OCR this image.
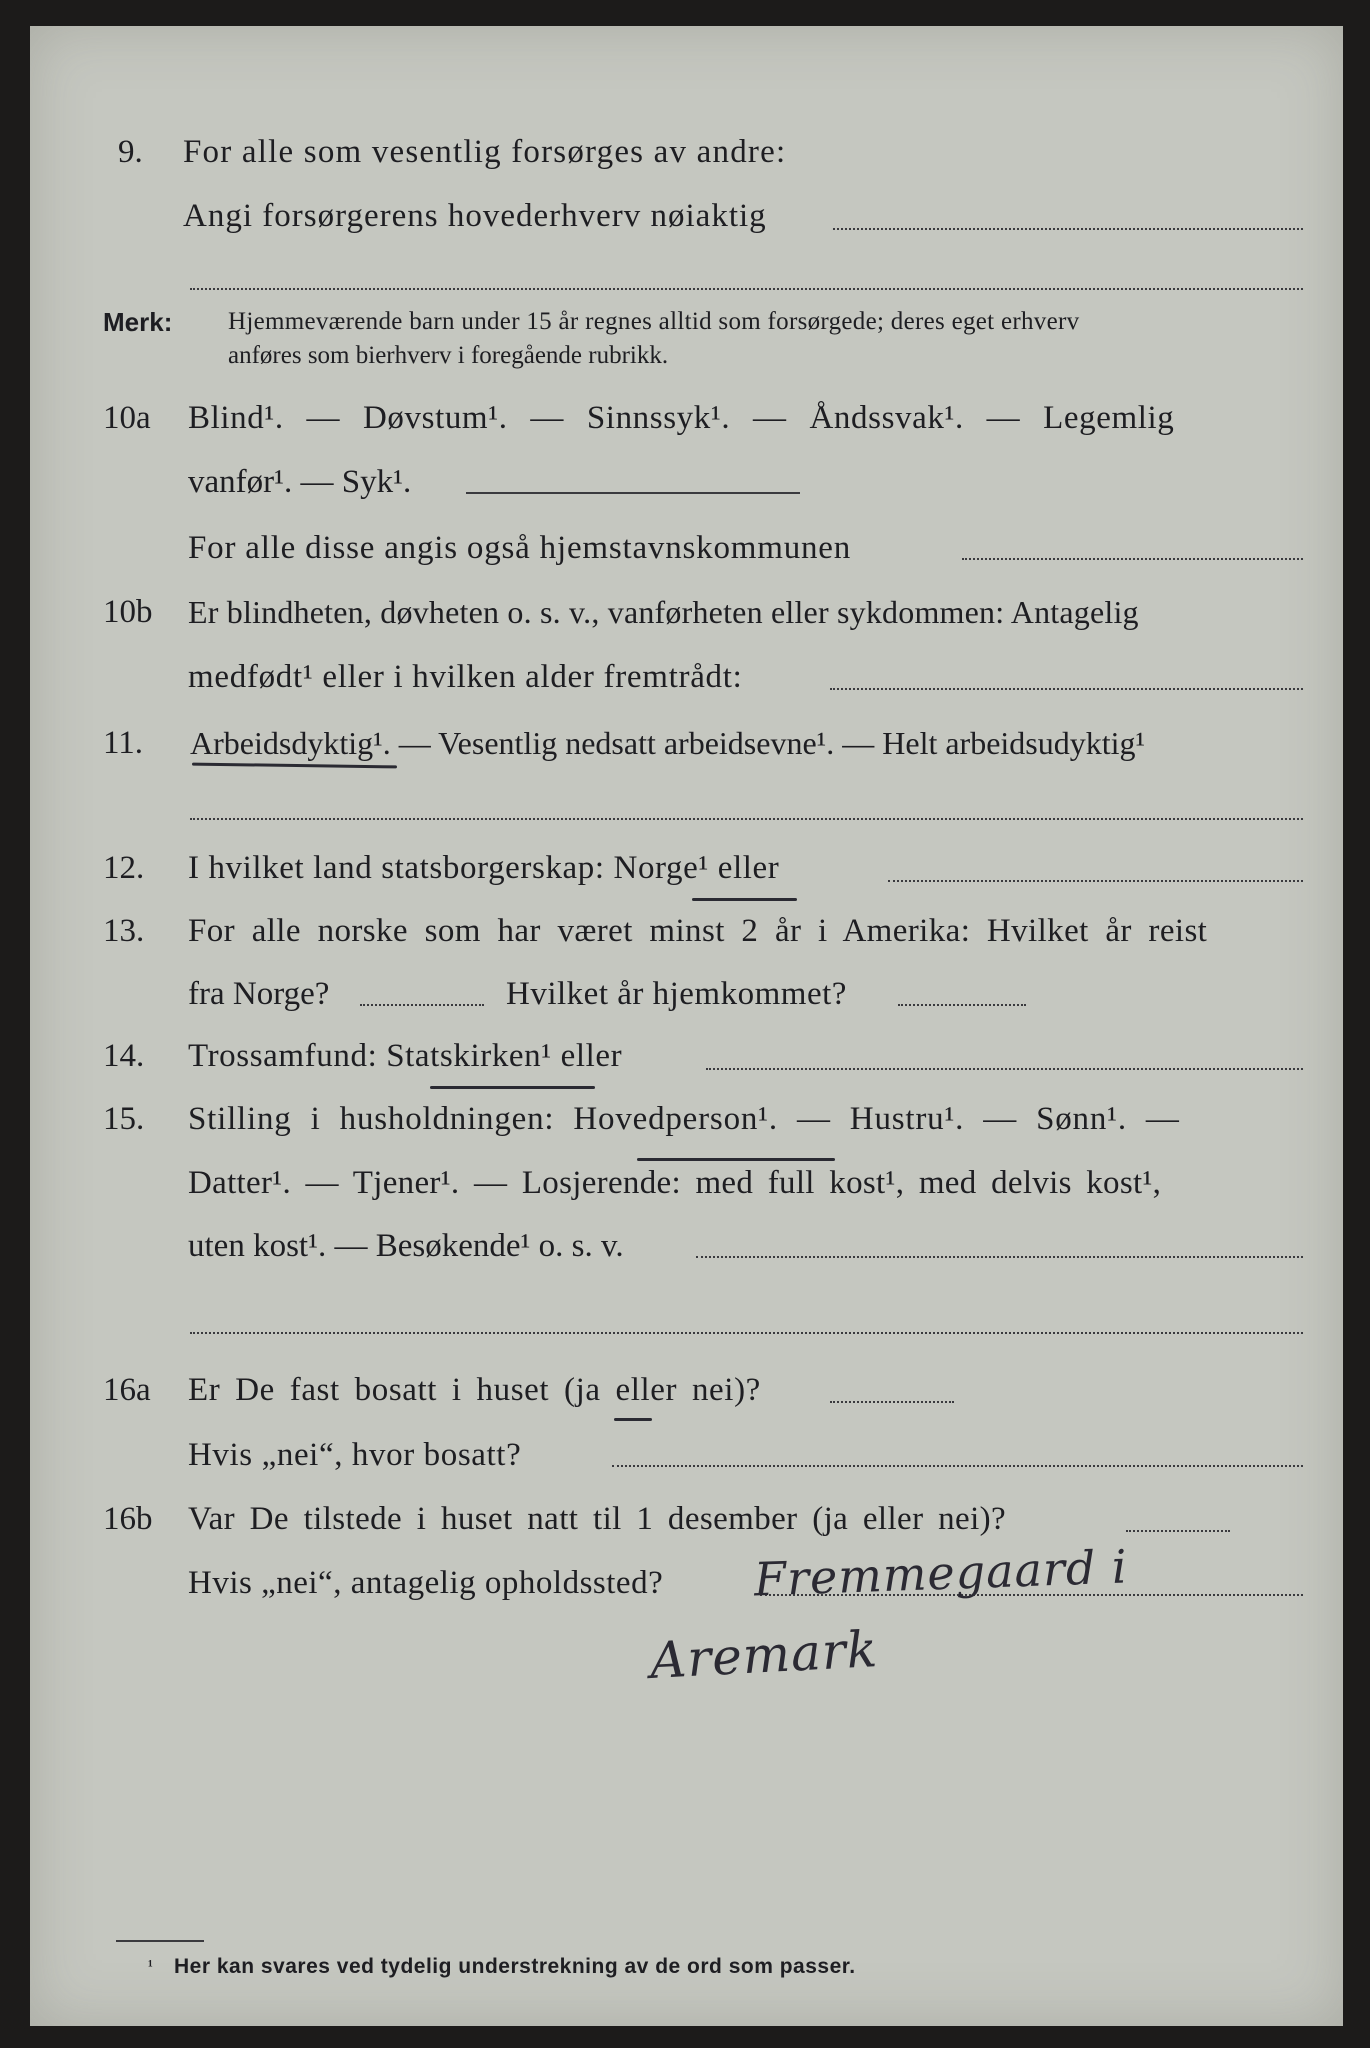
9. For alle som vesentlig forsørges av andre:
Angi forsørgerens hovederhverv nøiaktig
Merk: Hjemmeværende barn under 15 år regnes alltid som forsørgede; deres eget erhverv
anføres som bierhverv i foregående rubrikk.
10a Blind¹. — Døvstum¹. — Sinnssyk¹. — Åndssvak¹. — Legemlig
vanfør¹. — Syk¹.
For alle disse angis også hjemstavnskommunen
10b Er blindheten, døvheten o. s. v., vanførheten eller sykdommen: Antagelig
medfødt¹ eller i hvilken alder fremtrådt:
11. Arbeidsdyktig¹. — Vesentlig nedsatt arbeidsevne¹. — Helt arbeidsudyktig¹
12. I hvilket land statsborgerskap: Norge¹ eller
13. For alle norske som har været minst 2 år i Amerika: Hvilket år reist
fra Norge?	Hvilket år hjemkommet?
14. Trossamfund: Statskirken¹ eller
15. Stilling i husholdningen: Hovedperson¹. — Hustru¹. — Sønn¹. —
Datter¹. — Tjener¹. — Losjerende: med full kost¹, med delvis kost¹,
uten kost¹. — Besøkende¹ o. s. v.
16a Er De fast bosatt i huset (ja eller nei)?
Hvis „nei“, hvor bosatt?
16b Var De tilstede i huset natt til 1 desember (ja eller nei)?
Hvis „nei“, antagelig opholdssted? Fremmegaard i
Aremark
¹ Her kan svares ved tydelig understrekning av de ord som passer.
